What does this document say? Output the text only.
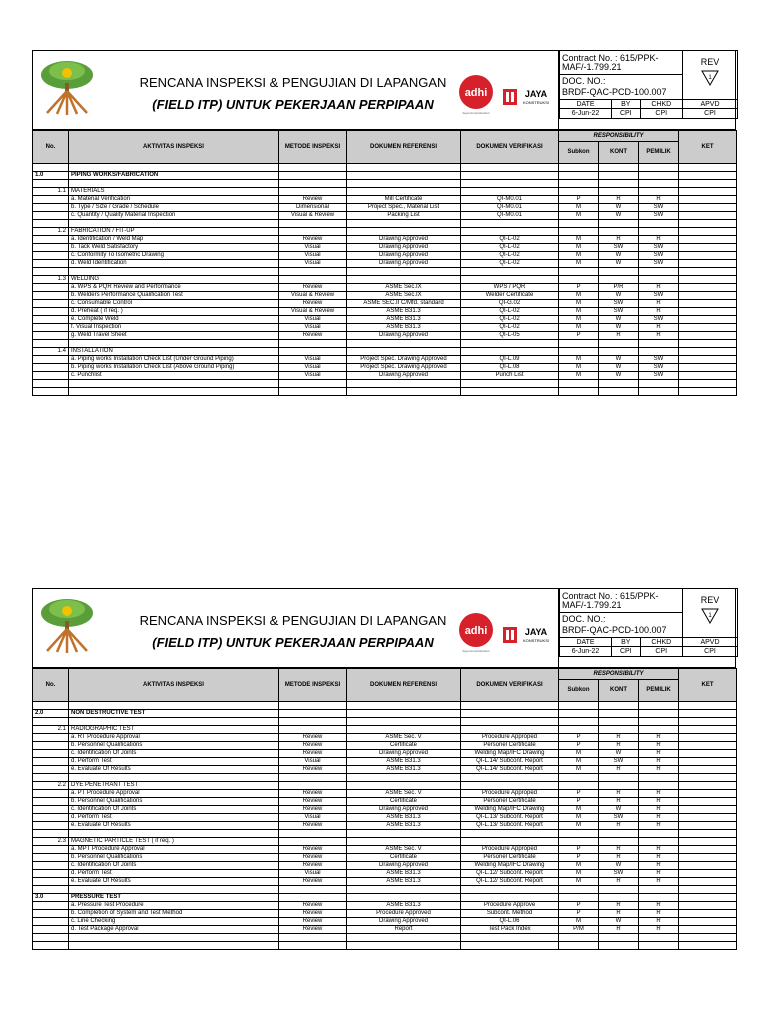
RENCANA INSPEKSI & PENGUJIAN DI LAPANGAN
(FIELD ITP) UNTUK PEKERJAAN PERPIPAAN
adhi
beyond construction
JAYA
KONSTRUKSI
Contract No. : 615/PPK-MAF/-1.799.21			REV
1

DOC. NO.:
BRDF-QAC-PCD-100.007			

DATE	BY	CHKD	APVD
6-Jun-22	CPI	CPI	CPI
No.	AKTIVITAS INSPEKSI	METODE INSPEKSI	DOKUMEN REFERENSI	DOKUMEN VERIFIKASI	RESPONSIBILITY			KET
					Subkon	KONT	PEMILIK	

1.0	PIPING WORKS/FABRICATION							

1.1	MATERIALS							
	a. Material Verification	Review	Mill Certificate	QI-M0.01	P	R	R	
	b. Type / Size / Grade / Schedule	Dimensional	Project Spec., Material List	QI-M0.01	M	W	SW	
	c. Quantity / Quality Material Inspection	Visual & Review	Packing List	QI-M0.01	M	W	SW	

1.2	FABRICATION / FIT-UP							
	a. Identification / Weld Map	Review	Drawing Approved	QI-L-02	M	R	R	
	b. Tack Weld Satisfactory	Visual	Drawing Approved	QI-L-02	M	SW	SW	
	c. Conformity To Isometric Drawing	Visual	Drawing Approved	QI-L-02	M	W	SW	
	d. Weld Identification	Visual	Drawing Approved	QI-L-02	M	W	SW	

1.3	WELDING							
	a. WPS & PQR Review and Performance	Review	ASME Sec.IX	WPS / PQR	P	P/R	R	
	b. Welders Performance Qualification Test	Visual & Review	ASME Sec.IX	Welder Certificate	M	W	SW	
	c. Consumable Control	Review	ASME SEC.II C/Mfd. standard	QI-G.02	M	SW	R	
	d. Preheat ( if req. )	Visual & Review	ASME B31.3	QI-L-02	M	SW	R	
	e. Complete Weld	Visual	ASME B31.3	QI-L-02	M	W	SW	
	f. Visual Inspection	Visual	ASME B31.3	QI-L-02	M	W	R	
	g. Weld Travel Sheet	Review	Drawing Approved	QI-L-05	P	R	R	

1.4	INSTALLATION							
	a. Piping works Installation Check List (Under Ground Piping)	Visual	Project Spec. Drawing Approved	QI-L.09	M	W	SW	
	b. Piping works Installation Check List (Above Ground Piping)	Visual	Project Spec. Drawing Approved	QI-L.08	M	W	SW	
	c. Punchlist	Visual	Drawing Approved	Punch List	M	W	SW	

RENCANA INSPEKSI & PENGUJIAN DI LAPANGAN
(FIELD ITP) UNTUK PEKERJAAN PERPIPAAN
adhi
beyond construction
JAYA
KONSTRUKSI
Contract No. : 615/PPK-MAF/-1.799.21			REV
1

DOC. NO.:
BRDF-QAC-PCD-100.007			

DATE	BY	CHKD	APVD
6-Jun-22	CPI	CPI	CPI
No.	AKTIVITAS INSPEKSI	METODE INSPEKSI	DOKUMEN REFERENSI	DOKUMEN VERIFIKASI	RESPONSIBILITY			KET
					Subkon	KONT	PEMILIK	

2.0	NON DESTRUCTIVE TEST							

2.1	RADIOGRAPHIC TEST							
	a. RT Procedure Approval	Review	ASME Sec. V	Procedure Approped	P	R	R	
	b. Personnel Qualifications	Review	Certificate	Personel Certificate	P	R	R	
	c. Identification Of Joints	Review	Drawing Approved	Welding Map/IFC Drawing	M	W	R	
	d. Perform Test	Visual	ASME B31.3	QI-L.14/ Subcont. Report	M	SW	R	
	e. Evaluate Of Results	Review	ASME B31.3	QI-L.14/ Subcont. Report	M	R	R	

2.2	DYE PENETRANT TEST							
	a. PT Procedure Approval	Review	ASME Sec. V	Procedure Approped	P	R	R	
	b. Personnel Qualifications	Review	Certificate	Personel Certificate	P	R	R	
	c. Identification Of Joints	Review	Drawing Approved	Welding Map/IFC Drawing	M	W	R	
	d. Perform Test	Visual	ASME B31.3	QI-L.13/ Subcont. Report	M	SW	R	
	e. Evaluate Of Results	Review	ASME B31.3	QI-L.13/ Subcont. Report	M	R	R	

2.3	MAGNETIC PARTICLE TEST ( if req. )							
	a. MPT Procedure Approval	Review	ASME Sec. V	Procedure Approped	P	R	R	
	b. Personnel Qualifications	Review	Certificate	Personel Certificate	P	R	R	
	c. Identification Of Joints	Review	Drawing Approved	Welding Map/IFC Drawing	M	W	R	
	d. Perform Test	Visual	ASME B31.3	QI-L.12/ Subcont. Report	M	SW	R	
	e. Evaluate Of Results	Review	ASME B31.3	QI-L.12/ Subcont. Report	M	R	R	

3.0	PRESSURE TEST							
	a. Pressure Test Procedure	Review	ASME B31.3	Procedure Approve	P	R	R	
	b. Completion of System and Test Method	Review	Procedure Approved	Subcont. Method	P	R	R	
	c. Line Checking	Review	Drawing Approved	QI-L.06	M	W	R	
	d. Test Package Approval	Review	Report	Test Pack Index	P/M	R	R	
